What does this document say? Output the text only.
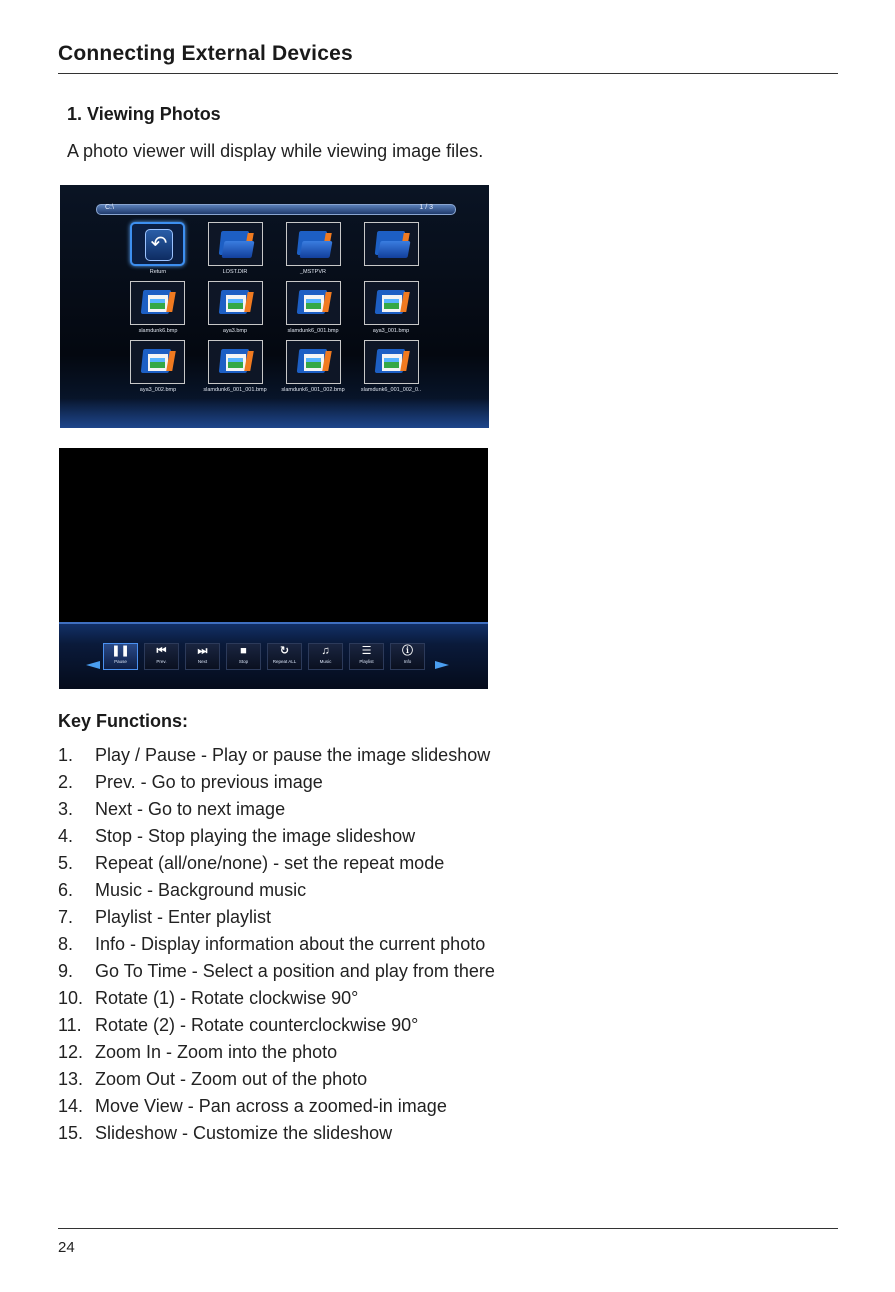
Connecting External Devices
1. Viewing Photos
A photo viewer will display while viewing image files.
C:\	1 / 3
↶
Return	LOST.DIR	_MSTPVR
slamdunk6.bmp	aya3.bmp	slamdunk6_001.bmp	aya3_001.bmp
aya3_002.bmp	slamdunk6_001_001.bmp	slamdunk6_001_002.bmp	slamdunk6_001_002_0..
❚❚
Pause
⏮
Prev.
⏭
Next
■
Stop
↻
Repeat ALL
♫
Music
☰
Playlist
ⓘ
Info
Key Functions:
1. Play / Pause - Play or pause the image slideshow
2. Prev. - Go to previous image
3. Next - Go to next image
4. Stop - Stop playing the image slideshow
5. Repeat (all/one/none) - set the repeat mode
6. Music - Background music
7. Playlist - Enter playlist
8. Info - Display information about the current photo
9. Go To Time - Select a position and play from there
10. Rotate (1) - Rotate clockwise 90°
11. Rotate (2) - Rotate counterclockwise 90°
12. Zoom In - Zoom into the photo
13. Zoom Out - Zoom out of the photo
14. Move View - Pan across a zoomed-in image
15. Slideshow - Customize the slideshow
24
